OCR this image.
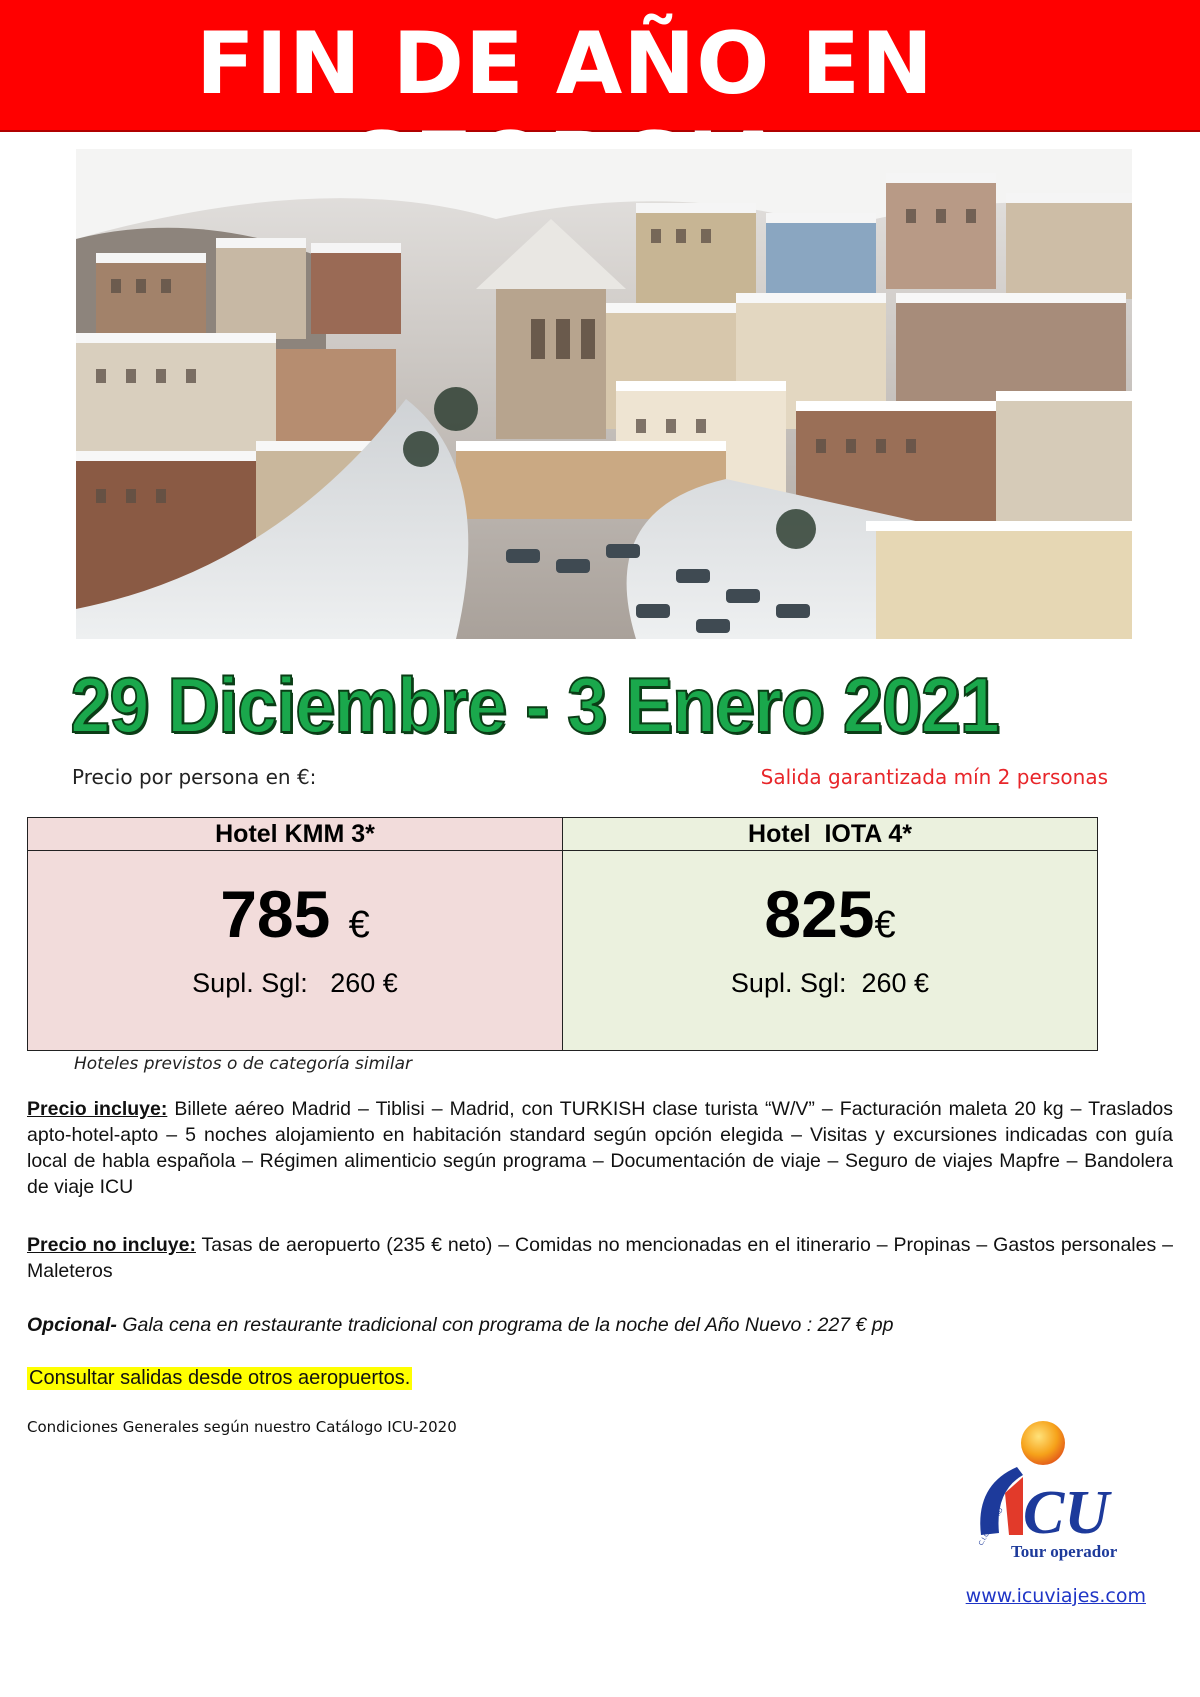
FIN DE AÑO EN
29 Diciembre - 3 Enero 2021
Precio por persona en €:	Salida garantizada mín 2 personas
Hotel KMM 3*
785 €
Supl. Sgl:   260 €
Hotel  IOTA 4*
825€
Supl. Sgl:  260 €
Hoteles previstos o de categoría similar
Precio incluye: Billete aéreo Madrid – Tiblisi – Madrid, con TURKISH clase turista “W/V” – Facturación maleta 20 kg – Traslados apto-hotel-apto – 5 noches alojamiento en habitación standard según opción elegida – Visitas y excursiones indicadas con guía local de habla española – Régimen alimenticio según programa – Documentación de viaje – Seguro de viajes Mapfre – Bandolera de viaje ICU
Precio no incluye: Tasas de aeropuerto (235 € neto) – Comidas no mencionadas en el itinerario – Propinas – Gastos personales – Maleteros
Opcional- Gala cena en restaurante tradicional con programa de la noche del Año Nuevo : 227 € pp
Consultar salidas desde otros aeropuertos.
Condiciones Generales según nuestro Catálogo ICU-2020
CU
Tour operador
C.I.C. MADRID
www.icuviajes.com
